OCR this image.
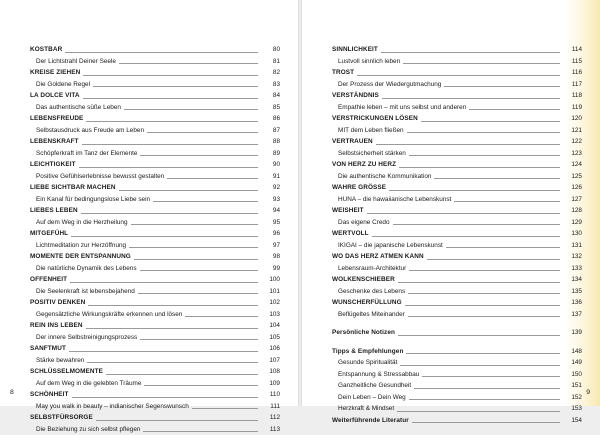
KOSTBAR	80
Der Lichtstrahl Deiner Seele	81
KREISE ZIEHEN	82
Die Goldene Regel	83
LA DOLCE VITA	84
Das authentische süße Leben	85
LEBENSFREUDE	86
Selbstausdruck aus Freude am Leben	87
LEBENSKRAFT	88
Schöpferkraft im Tanz der Elemente	89
LEICHTIGKEIT	90
Positive Gefühlserlebnisse bewusst gestalten	91
LIEBE SICHTBAR MACHEN	92
Ein Kanal für bedingungslose Liebe sein	93
LIEBES LEBEN	94
Auf dem Weg in die Herzheilung	95
MITGEFÜHL	96
Lichtmeditation zur Herzöffnung	97
MOMENTE DER ENTSPANNUNG	98
Die natürliche Dynamik des Lebens	99
OFFENHEIT	100
Die Seelenkraft ist lebensbejahend	101
POSITIV DENKEN	102
Gegensätzliche Wirkungskräfte erkennen und lösen	103
REIN INS LEBEN	104
Der innere Selbstreinigungsprozess	105
SANFTMUT	106
Stärke bewahren	107
SCHLÜSSELMOMENTE	108
Auf dem Weg in die gelebten Träume	109
SCHÖNHEIT	110
May you walk in beauty – indianischer Segenswunsch	111
SELBSTFÜRSORGE	112
Die Beziehung zu sich selbst pflegen	113
8
SINNLICHKEIT	114
Lustvoll sinnlich leben	115
TROST	116
Der Prozess der Wiedergutmachung	117
VERSTÄNDNIS	118
Empathie leben – mit uns selbst und anderen	119
VERSTRICKUNGEN LÖSEN	120
MIT dem Leben fließen	121
VERTRAUEN	122
Selbstsicherheit stärken	123
VON HERZ ZU HERZ	124
Die authentische Kommunikation	125
WAHRE GRÖSSE	126
HUNA – die hawaiianische Lebenskunst	127
WEISHEIT	128
Das eigene Credo	129
WERTVOLL	130
IKIGAI – die japanische Lebenskunst	131
WO DAS HERZ ATMEN KANN	132
Lebensraum-Architektur	133
WOLKENSCHIEBER	134
Geschenke des Lebens	135
WUNSCHERFÜLLUNG	136
Beflügeltes Miteinander	137
Persönliche Notizen	139
Tipps & Empfehlungen	148
Gesunde Spiritualität	149
Entspannung & Stressabbau	150
Ganzheitliche Gesundheit	151
Dein Leben – Dein Weg	152
Herzkraft & Mindset	153
Weiterführende Literatur	154
9
